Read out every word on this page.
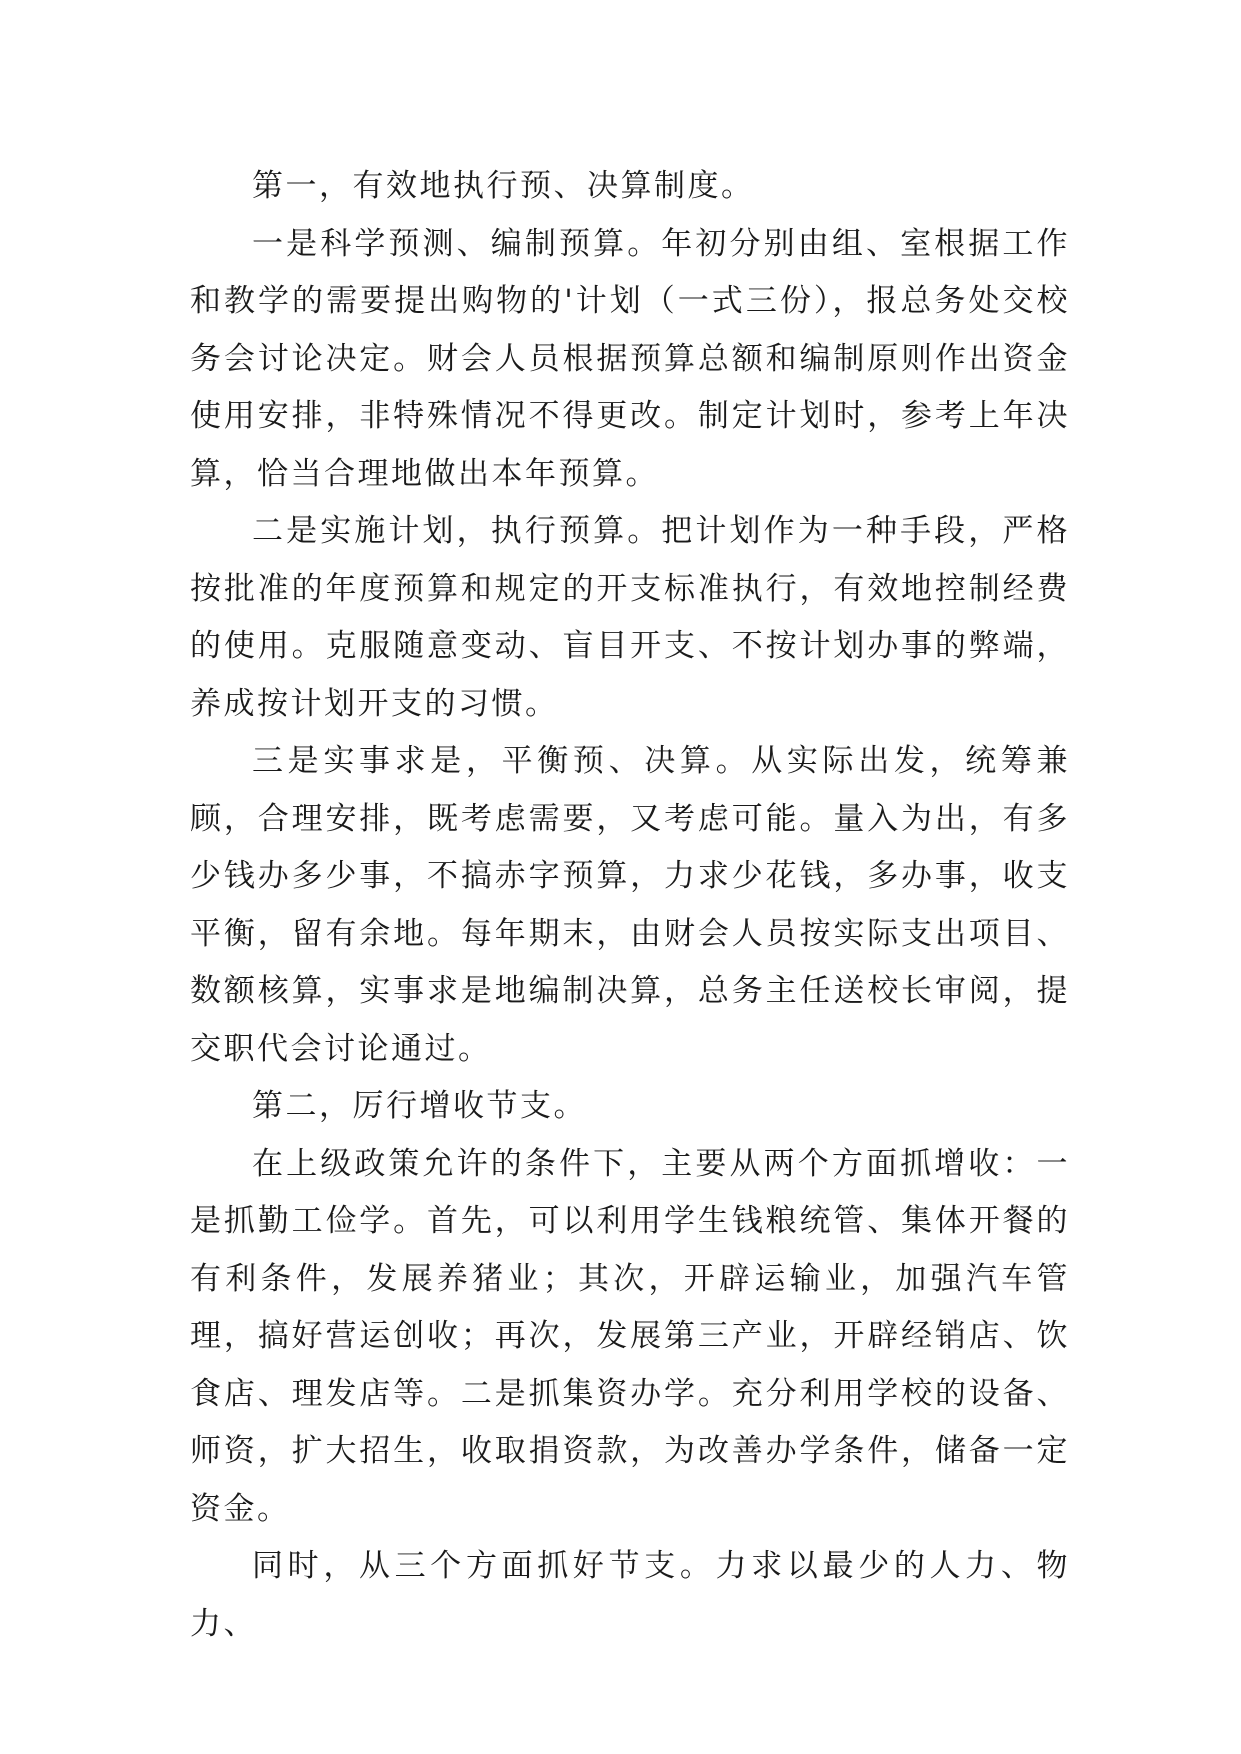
第一，有效地执行预、决算制度。

一是科学预测、编制预算。年初分别由组、室根据工作和教学的需要提出购物的'计划（一式三份），报总务处交校务会讨论决定。财会人员根据预算总额和编制原则作出资金使用安排，非特殊情况不得更改。制定计划时，参考上年决算，恰当合理地做出本年预算。

二是实施计划，执行预算。把计划作为一种手段，严格按批准的年度预算和规定的开支标准执行，有效地控制经费的使用。克服随意变动、盲目开支、不按计划办事的弊端，养成按计划开支的习惯。

三是实事求是，平衡预、决算。从实际出发，统筹兼顾，合理安排，既考虑需要，又考虑可能。量入为出，有多少钱办多少事，不搞赤字预算，力求少花钱，多办事，收支平衡，留有余地。每年期末，由财会人员按实际支出项目、数额核算，实事求是地编制决算，总务主任送校长审阅，提交职代会讨论通过。

第二，厉行增收节支。

在上级政策允许的条件下，主要从两个方面抓增收：一是抓勤工俭学。首先，可以利用学生钱粮统管、集体开餐的有利条件，发展养猪业；其次，开辟运输业，加强汽车管理，搞好营运创收；再次，发展第三产业，开辟经销店、饮食店、理发店等。二是抓集资办学。充分利用学校的设备、师资，扩大招生，收取捐资款，为改善办学条件，储备一定资金。

同时，从三个方面抓好节支。力求以最少的人力、物力、
